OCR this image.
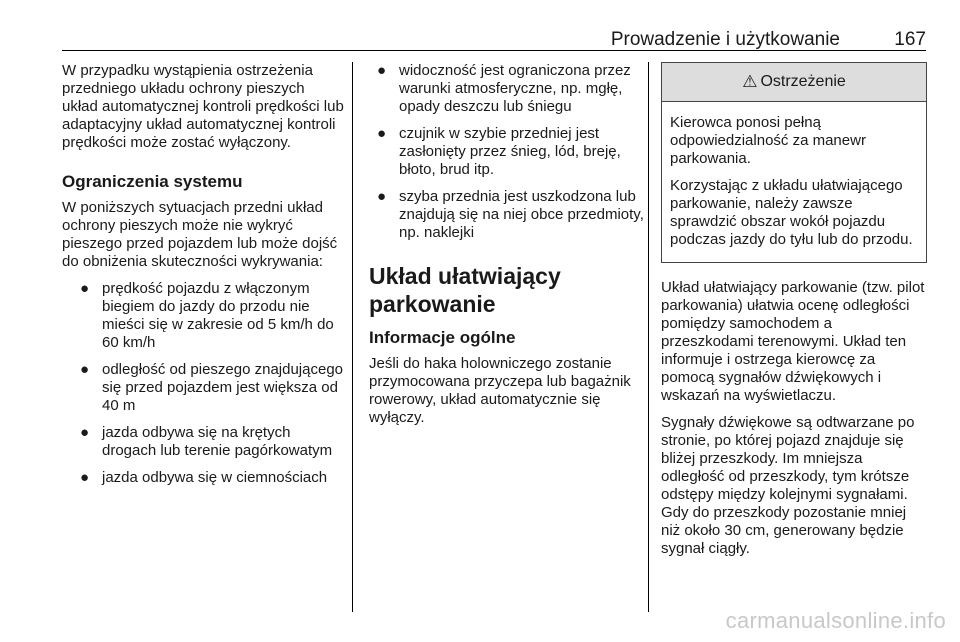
Prowadzenie i użytkowanie	167

W przypadku wystąpienia ostrzeżenia przedniego układu ochrony pieszych układ automatycznej kontroli prędkości lub adaptacyjny układ automatycznej kontroli prędkości może zostać wyłączony.

Ograniczenia systemu

W poniższych sytuacjach przedni układ ochrony pieszych może nie wykryć pieszego przed pojazdem lub może dojść do obniżenia skuteczności wykrywania:

● prędkość pojazdu z włączonym biegiem do jazdy do przodu nie mieści się w zakresie od 5 km/h do 60 km/h
● odległość od pieszego znajdującego się przed pojazdem jest większa od 40 m
● jazda odbywa się na krętych drogach lub terenie pagórkowatym
● jazda odbywa się w ciemnościach
● widoczność jest ograniczona przez warunki atmosferyczne, np. mgłę, opady deszczu lub śniegu
● czujnik w szybie przedniej jest zasłonięty przez śnieg, lód, breję, błoto, brud itp.
● szyba przednia jest uszkodzona lub znajdują się na niej obce przedmioty, np. naklejki
Układ ułatwiający
parkowanie
Informacje ogólne

Jeśli do haka holowniczego zostanie przymocowana przyczepa lub bagażnik rowerowy, układ automatycznie się wyłączy.

⚠ Ostrzeżenie

Kierowca ponosi pełną odpowiedzialność za manewr parkowania.

Korzystając z układu ułatwiającego parkowanie, należy zawsze sprawdzić obszar wokół pojazdu podczas jazdy do tyłu lub do przodu.

Układ ułatwiający parkowanie (tzw. pilot parkowania) ułatwia ocenę odległości pomiędzy samochodem a przeszkodami terenowymi. Układ ten informuje i ostrzega kierowcę za pomocą sygnałów dźwiękowych i wskazań na wyświetlaczu.

Sygnały dźwiękowe są odtwarzane po stronie, po której pojazd znajduje się bliżej przeszkody. Im mniejsza odległość od przeszkody, tym krótsze odstępy między kolejnymi sygnałami. Gdy do przeszkody pozostanie mniej niż około 30 cm, generowany będzie sygnał ciągły.

carmanualsonline.info
